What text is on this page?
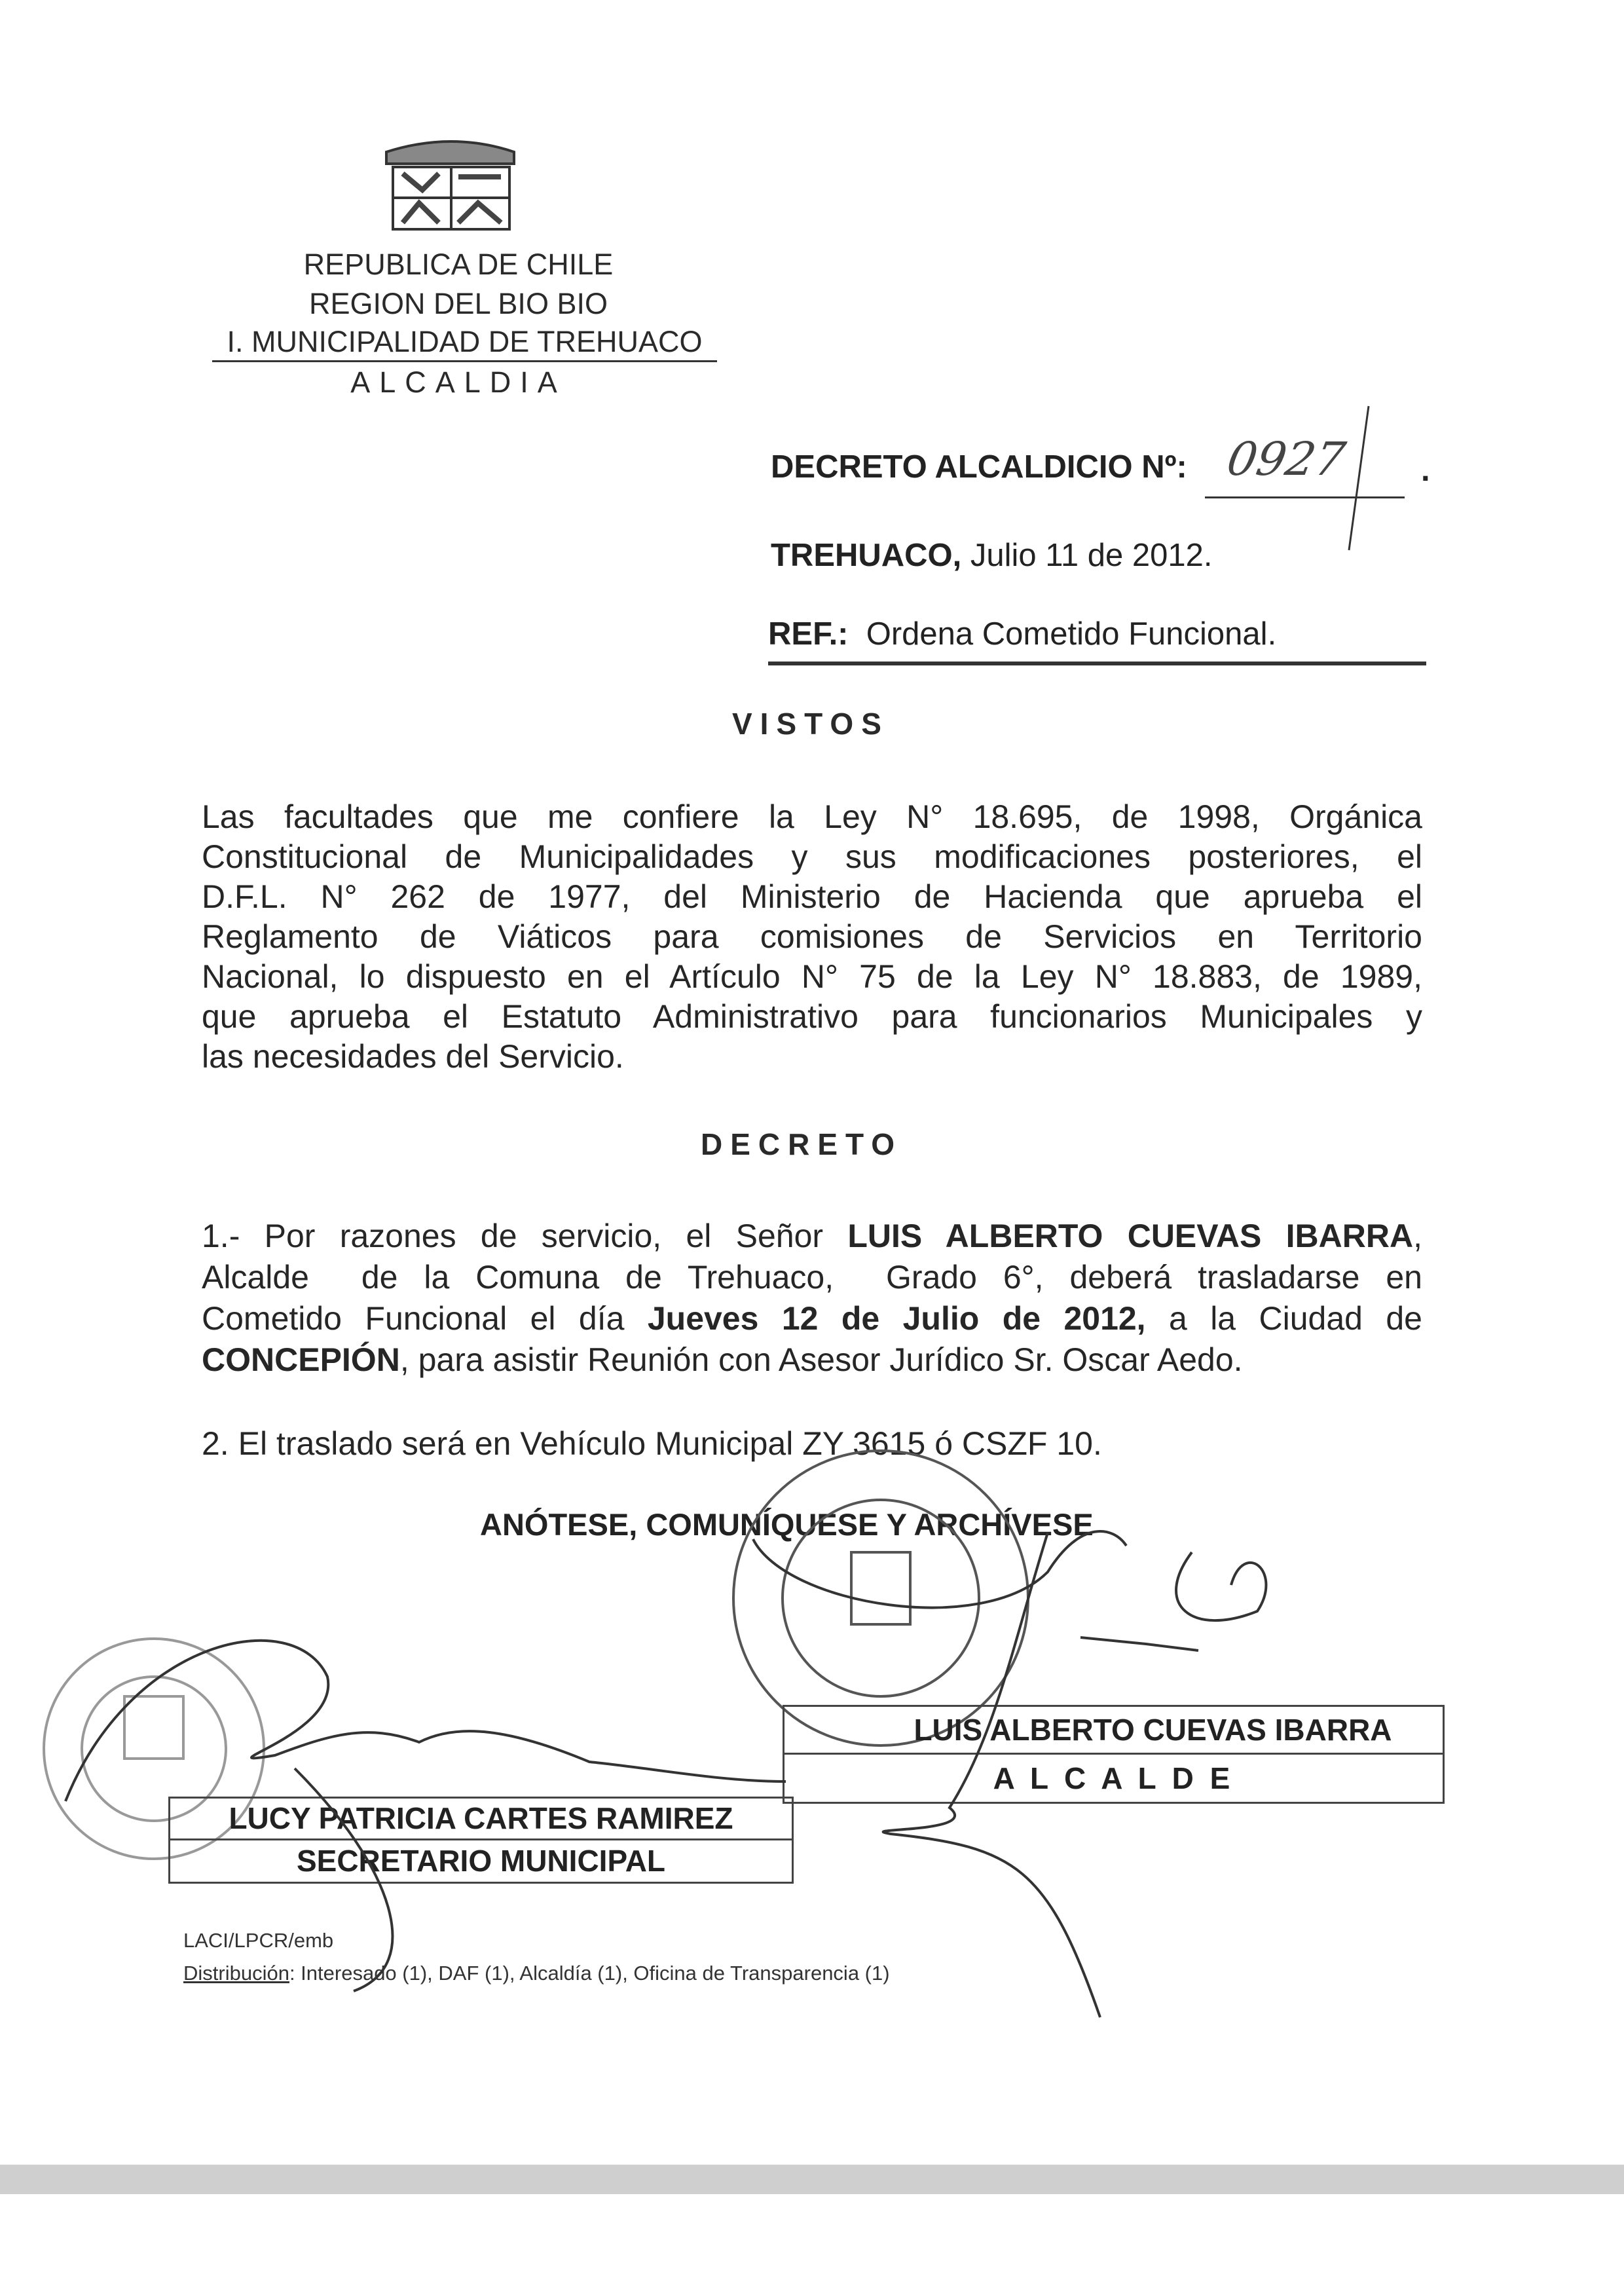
REPUBLICA DE CHILE
REGION DEL BIO BIO
I. MUNICIPALIDAD DE TREHUACO
ALCALDIA
DECRETO ALCALDICIO Nº:	.
0927
TREHUACO, Julio 11 de 2012.
REF.: Ordena Cometido Funcional.
VISTOS
Las facultades que me confiere la Ley N° 18.695, de 1998, Orgánica
Constitucional de Municipalidades y sus modificaciones posteriores, el
D.F.L. N° 262 de 1977, del Ministerio de Hacienda que aprueba el
Reglamento de Viáticos para comisiones de Servicios en Territorio
Nacional, lo dispuesto en el Artículo N° 75 de la Ley N° 18.883, de 1989,
que aprueba el Estatuto Administrativo para funcionarios Municipales y
las necesidades del Servicio.
DECRETO
1.- Por razones de servicio, el Señor LUIS ALBERTO CUEVAS IBARRA,
Alcalde  de la Comuna de Trehuaco,  Grado 6°, deberá trasladarse en
Cometido Funcional el día Jueves 12 de Julio de 2012, a la Ciudad de
CONCEPIÓN, para asistir Reunión con Asesor Jurídico Sr. Oscar Aedo.
2. El traslado será en Vehículo Municipal ZY 3615 ó CSZF 10.
ANÓTESE, COMUNÍQUESE Y ARCHÍVESE
LUIS ALBERTO CUEVAS IBARRA
A L C A L D E
LUCY PATRICIA CARTES RAMIREZ
SECRETARIO MUNICIPAL
LACI/LPCR/emb
Distribución: Interesado (1), DAF (1), Alcaldía (1), Oficina de Transparencia (1)
